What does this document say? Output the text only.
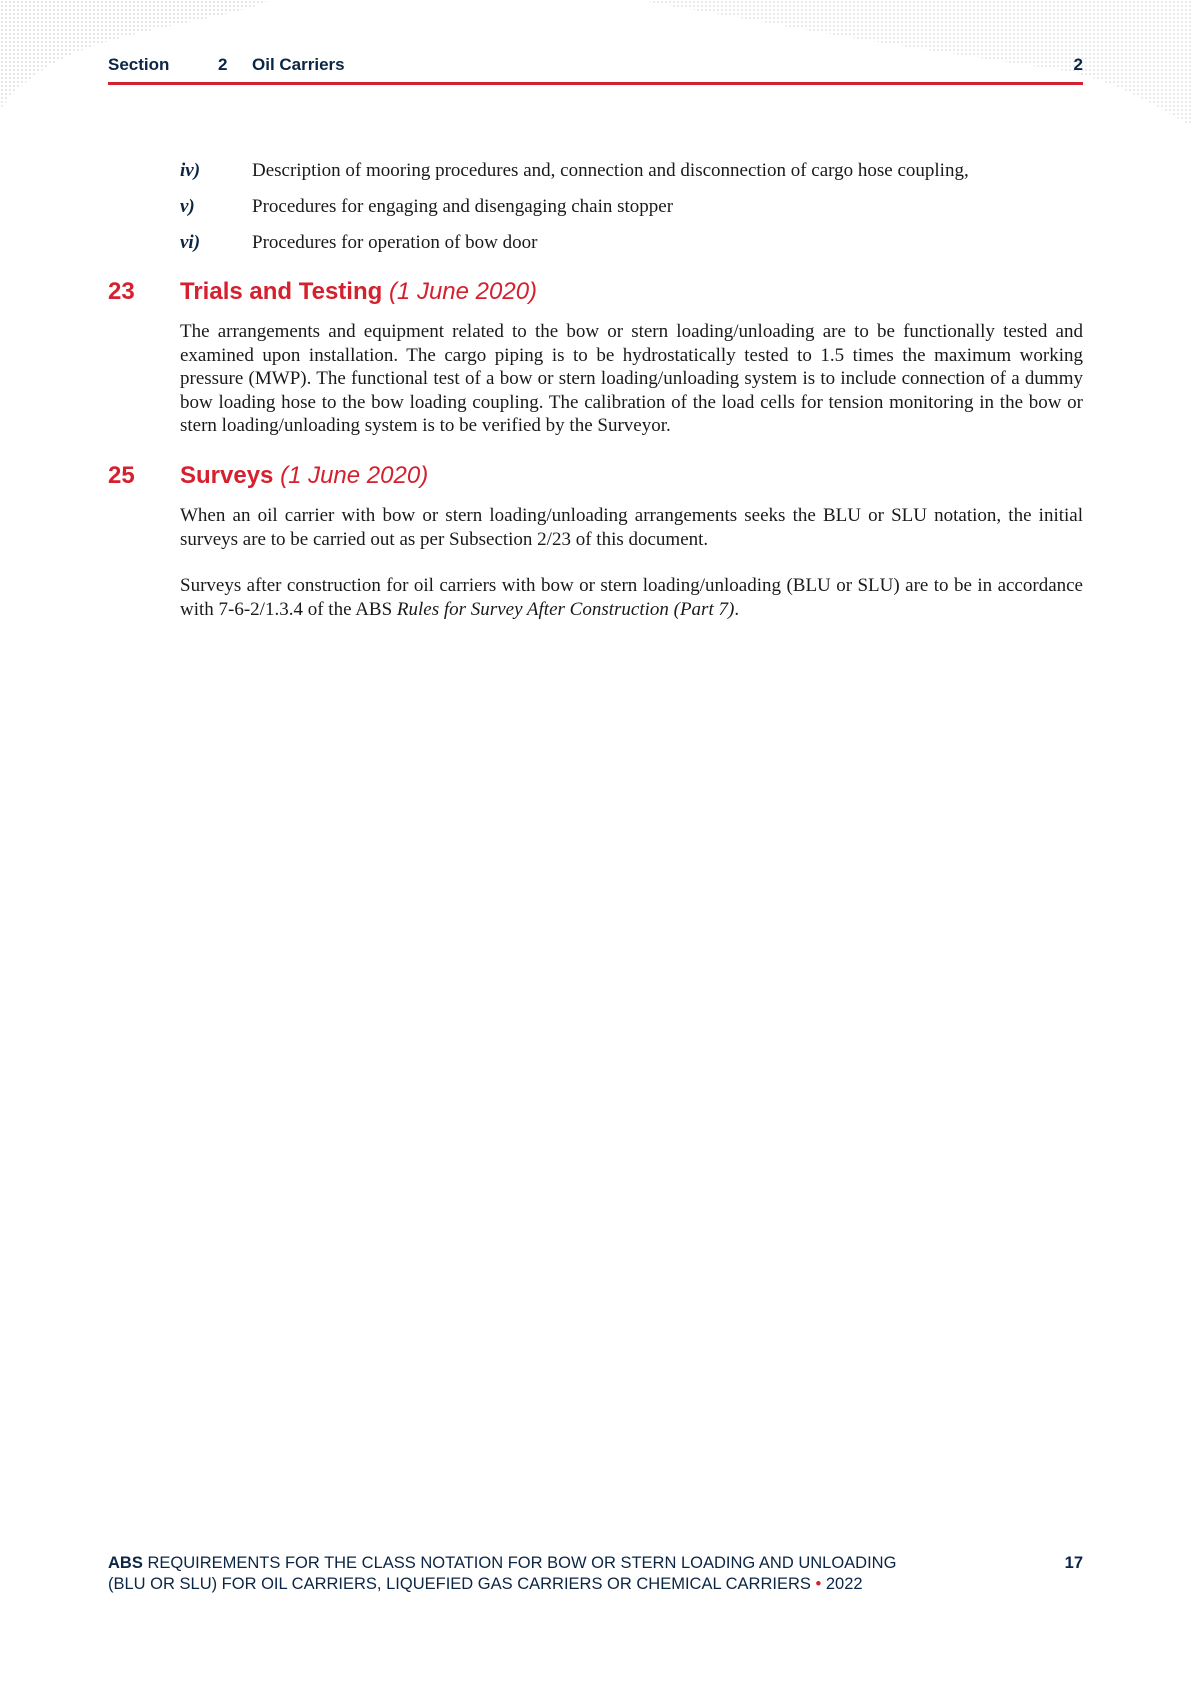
Section	2 Oil Carriers	2
iv)	Description of mooring procedures and, connection and disconnection of cargo hose coupling,
v)	Procedures for engaging and disengaging chain stopper
vi)	Procedures for operation of bow door
23 Trials and Testing (1 June 2020)
The arrangements and equipment related to the bow or stern loading/unloading are to be functionally tested and examined upon installation. The cargo piping is to be hydrostatically tested to 1.5 times the maximum working pressure (MWP). The functional test of a bow or stern loading/unloading system is to include connection of a dummy bow loading hose to the bow loading coupling. The calibration of the load cells for tension monitoring in the bow or stern loading/unloading system is to be verified by the Surveyor.
25 Surveys (1 June 2020)
When an oil carrier with bow or stern loading/unloading arrangements seeks the BLU or SLU notation, the initial surveys are to be carried out as per Subsection 2/23 of this document.
Surveys after construction for oil carriers with bow or stern loading/unloading (BLU or SLU) are to be in accordance with 7-6-2/1.3.4 of the ABS Rules for Survey After Construction (Part 7).
ABS REQUIREMENTS FOR THE CLASS NOTATION FOR BOW OR STERN LOADING AND UNLOADING
(BLU OR SLU) FOR OIL CARRIERS, LIQUEFIED GAS CARRIERS OR CHEMICAL CARRIERS • 2022
17
